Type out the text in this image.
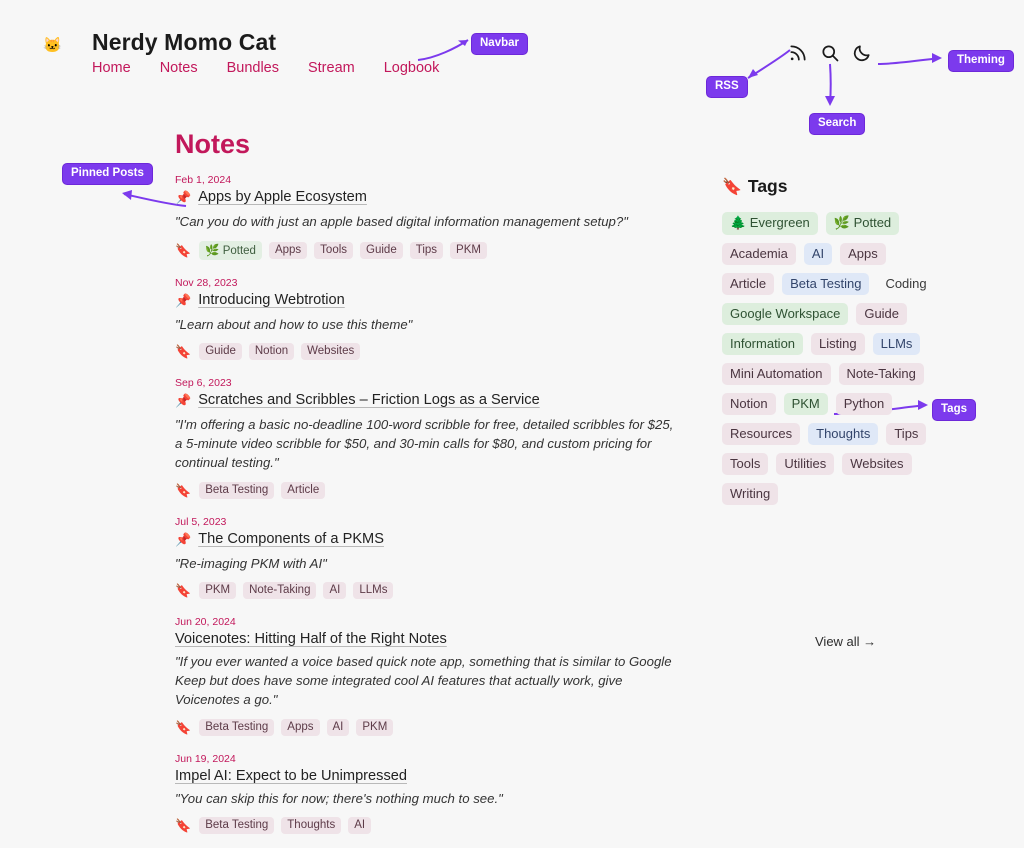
🐱 Nerdy Momo Cat
Home Notes Bundles Stream Logbook
Navbar
RSS
Search
Theming
Pinned Posts
Tags
Notes
Feb 1, 2024
📌 Apps by Apple Ecosystem

"Can you do with just an apple based digital information management setup?"

🔖	🌿 Potted	Apps	Tools	Guide	Tips	PKM
Nov 28, 2023
📌 Introducing Webtrotion

"Learn about and how to use this theme"

🔖	Guide	Notion	Websites
Sep 6, 2023
📌 Scratches and Scribbles – Friction Logs as a Service

"I'm offering a basic no-deadline 100-word scribble for free, detailed scribbles for $25, a 5-minute video scribble for $50, and 30-min calls for $80, and custom pricing for continual testing."

🔖	Beta Testing	Article
Jul 5, 2023
📌 The Components of a PKMS

"Re-imaging PKM with AI"

🔖	PKM	Note-Taking	AI	LLMs
Jun 20, 2024
Voicenotes: Hitting Half of the Right Notes

"If you ever wanted a voice based quick note app, something that is similar to Google Keep but does have some integrated cool AI features that actually work, give Voicenotes a go."

🔖	Beta Testing	Apps	AI	PKM
Jun 19, 2024
Impel AI: Expect to be Unimpressed

"You can skip this for now; there's nothing much to see."

🔖	Beta Testing	Thoughts	AI
🔖 Tags
🌲 Evergreen	🌿 Potted
Academia	AI	Apps
Article	Beta Testing	Coding
Google Workspace	Guide
Information	Listing	LLMs
Mini Automation	Note-Taking
Notion	PKM	Python
Resources	Thoughts	Tips
Tools	Utilities	Websites
Writing
View all →
